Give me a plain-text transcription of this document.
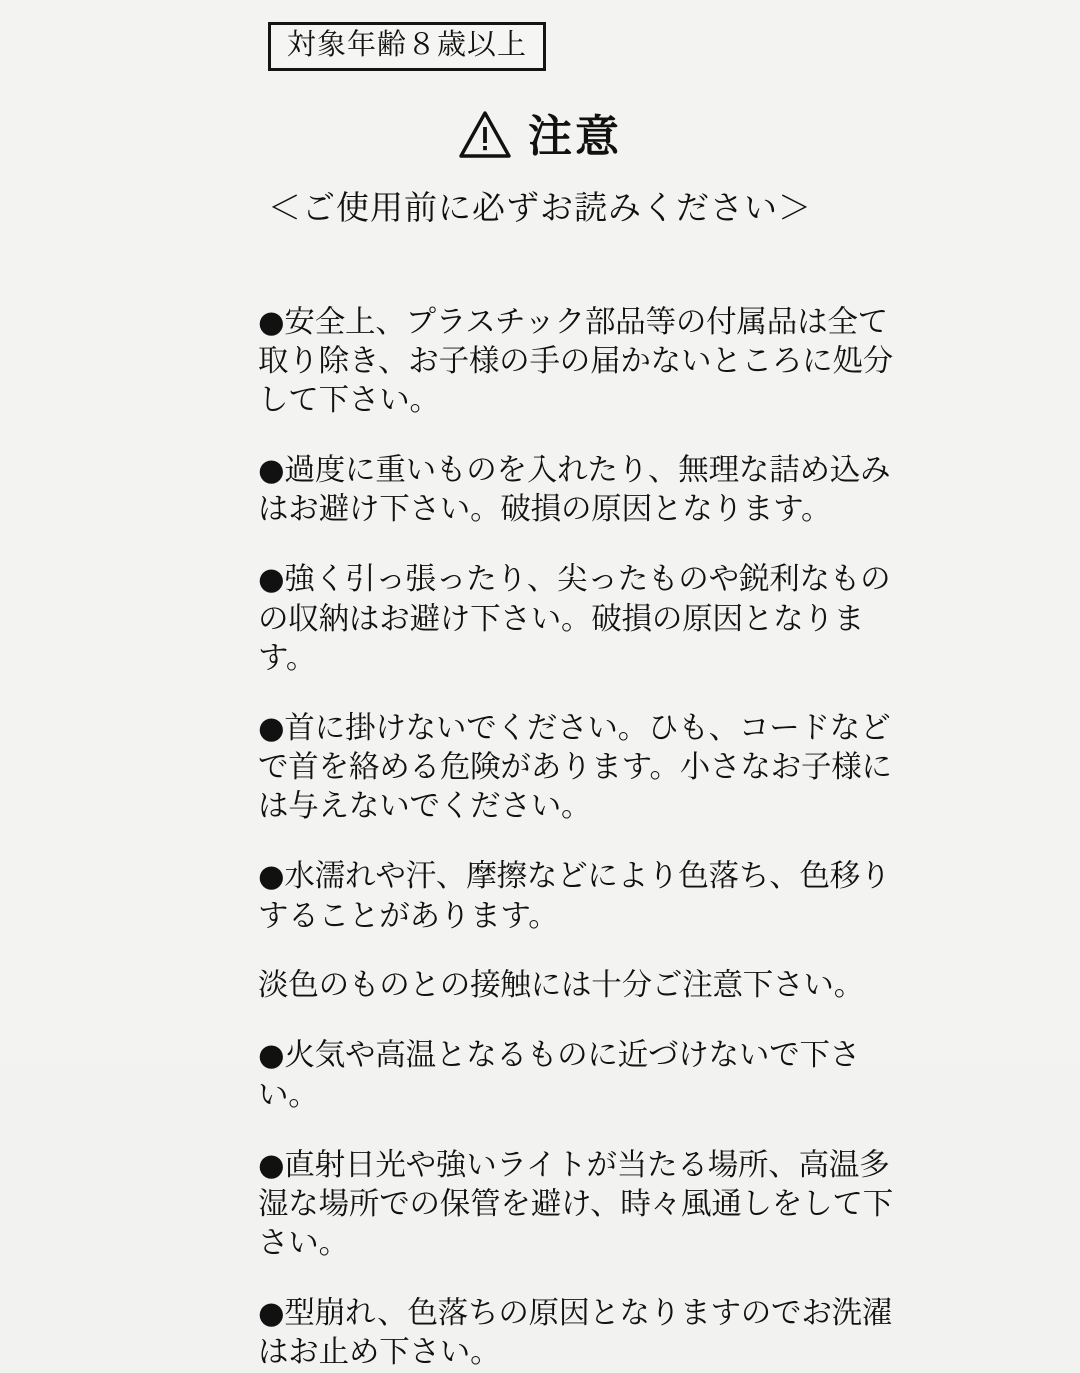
対象年齢８歳以上
注意
＜ご使用前に必ずお読みください＞

●安全上、プラスチック部品等の付属品は全て取り除き、お子様の手の届かないところに処分して下さい。

●過度に重いものを入れたり、無理な詰め込みはお避け下さい。破損の原因となります。

●強く引っ張ったり、尖ったものや鋭利なものの収納はお避け下さい。破損の原因となります。

●首に掛けないでください。ひも、コードなどで首を絡める危険があります。小さなお子様には与えないでください。

●水濡れや汗、摩擦などにより色落ち、色移りすることがあります。

淡色のものとの接触には十分ご注意下さい。

●火気や高温となるものに近づけないで下さい。

●直射日光や強いライトが当たる場所、高温多湿な場所での保管を避け、時々風通しをして下さい。

●型崩れ、色落ちの原因となりますのでお洗濯はお止め下さい。
